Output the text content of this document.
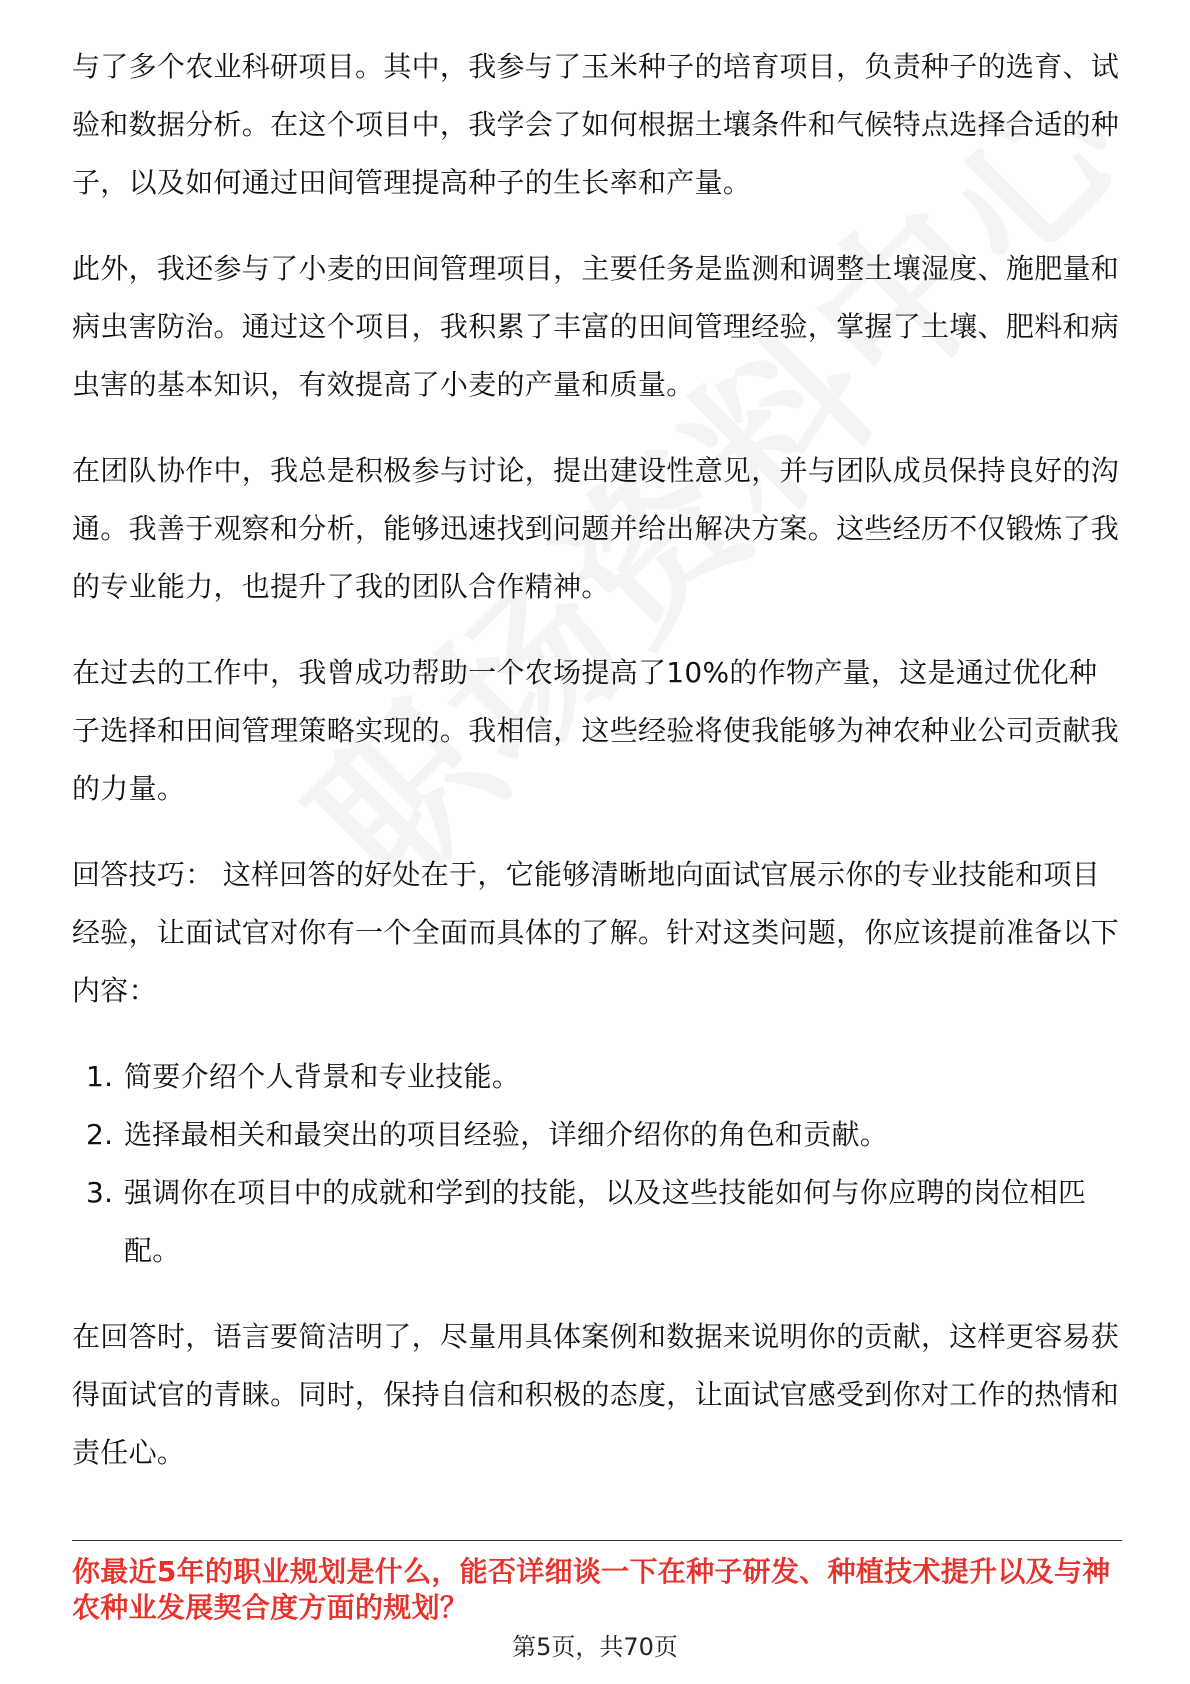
与了多个农业科研项目。其中，我参与了玉米种子的培育项目，负责种子的选育、试验和数据分析。在这个项目中，我学会了如何根据土壤条件和气候特点选择合适的种子，以及如何通过田间管理提高种子的生长率和产量。

此外，我还参与了小麦的田间管理项目，主要任务是监测和调整土壤湿度、施肥量和病虫害防治。通过这个项目，我积累了丰富的田间管理经验，掌握了土壤、肥料和病虫害的基本知识，有效提高了小麦的产量和质量。

在团队协作中，我总是积极参与讨论，提出建设性意见，并与团队成员保持良好的沟通。我善于观察和分析，能够迅速找到问题并给出解决方案。这些经历不仅锻炼了我的专业能力，也提升了我的团队合作精神。

在过去的工作中，我曾成功帮助一个农场提高了10%的作物产量，这是通过优化种子选择和田间管理策略实现的。我相信，这些经验将使我能够为神农种业公司贡献我的力量。

回答技巧： 这样回答的好处在于，它能够清晰地向面试官展示你的专业技能和项目经验，让面试官对你有一个全面而具体的了解。针对这类问题，你应该提前准备以下内容：

1. 简要介绍个人背景和专业技能。
2. 选择最相关和最突出的项目经验，详细介绍你的角色和贡献。
3. 强调你在项目中的成就和学到的技能，以及这些技能如何与你应聘的岗位相匹配。

在回答时，语言要简洁明了，尽量用具体案例和数据来说明你的贡献，这样更容易获得面试官的青睐。同时，保持自信和积极的态度，让面试官感受到你对工作的热情和责任心。

你最近5年的职业规划是什么，能否详细谈一下在种子研发、种植技术提升以及与神农种业发展契合度方面的规划？
第5页，共70页
